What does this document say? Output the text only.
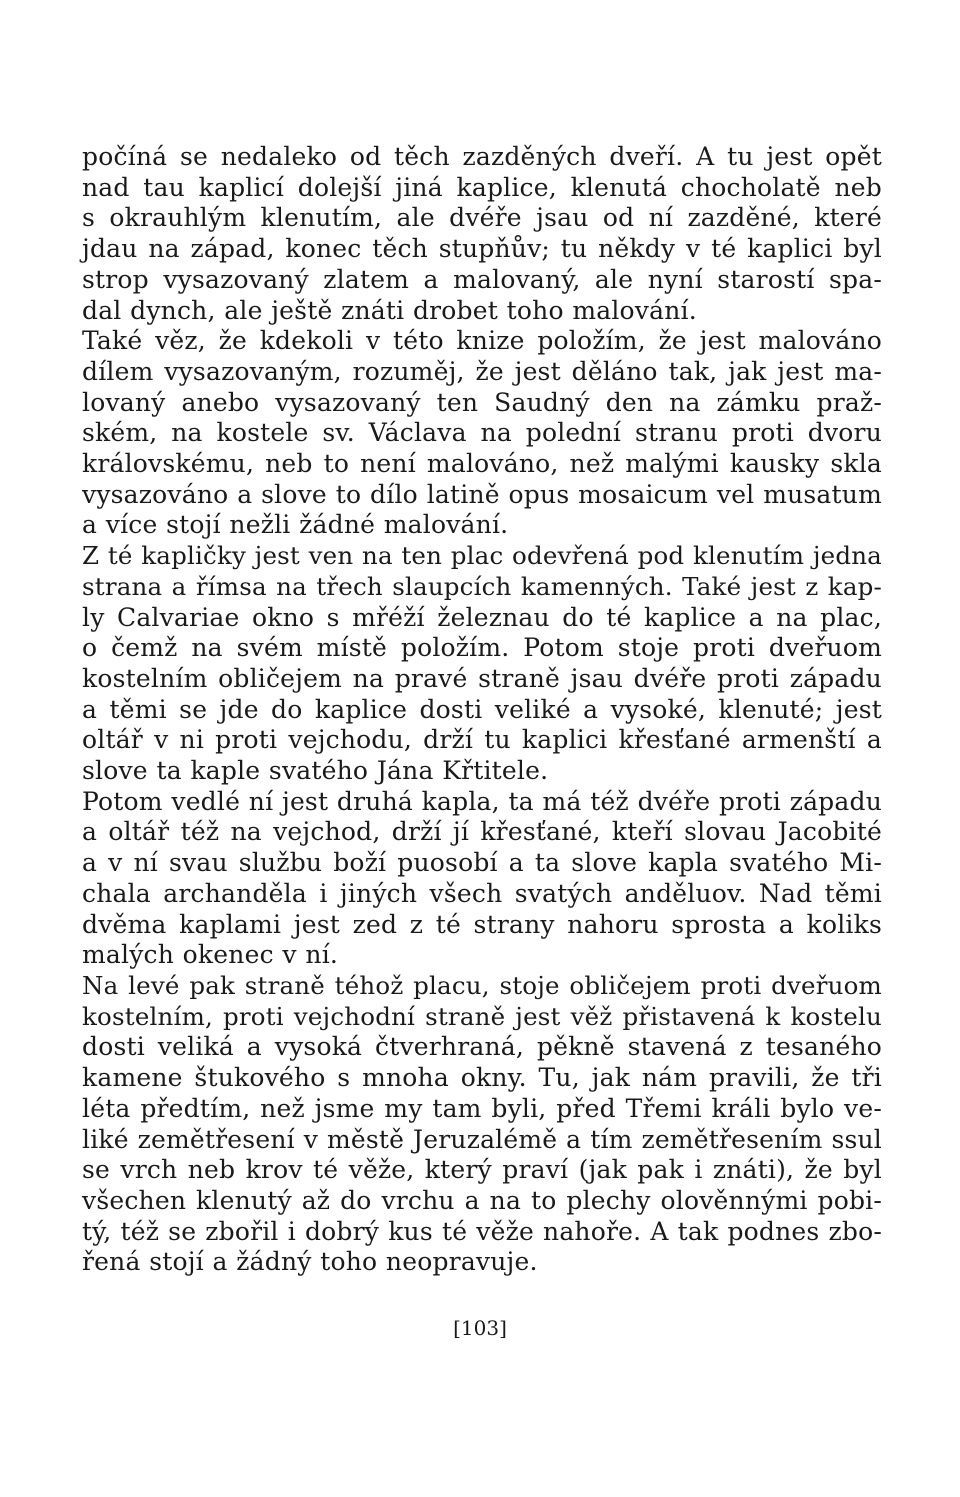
počíná se nedaleko od těch zazděných dveří. A tu jest opět
nad tau kaplicí dolejší jiná kaplice, klenutá chocholatě neb
s okrauhlým klenutím, ale dvéře jsau od ní zazděné, které
jdau na západ, konec těch stupňův; tu někdy v té kaplici byl
strop vysazovaný zlatem a malovaný, ale nyní starostí spa-
dal dynch, ale ještě znáti drobet toho malování.
Také věz, že kdekoli v této knize položím, že jest malováno
dílem vysazovaným, rozuměj, že jest děláno tak, jak jest ma-
lovaný anebo vysazovaný ten Saudný den na zámku praž-
ském, na kostele sv. Václava na polední stranu proti dvoru
královskému, neb to není malováno, než malými kausky skla
vysazováno a slove to dílo latině opus mosaicum vel musatum
a více stojí nežli žádné malování.
Z té kapličky jest ven na ten plac odevřená pod klenutím jedna
strana a římsa na třech slaupcích kamenných. Také jest z kap-
ly Calvariae okno s mřéží železnau do té kaplice a na plac,
o čemž na svém místě položím. Potom stoje proti dveřuom
kostelním obličejem na pravé straně jsau dvéře proti západu
a těmi se jde do kaplice dosti veliké a vysoké, klenuté; jest
oltář v ni proti vejchodu, drží tu kaplici křesťané armenští a
slove ta kaple svatého Jána Křtitele.
Potom vedlé ní jest druhá kapla, ta má též dvéře proti západu
a oltář též na vejchod, drží jí křesťané, kteří slovau Jacobité
a v ní svau službu boží puosobí a ta slove kapla svatého Mi-
chala archanděla i jiných všech svatých anděluov. Nad těmi
dvěma kaplami jest zed z té strany nahoru sprosta a koliks
malých okenec v ní.
Na levé pak straně téhož placu, stoje obličejem proti dveřuom
kostelním, proti vejchodní straně jest věž přistavená k kostelu
dosti veliká a vysoká čtverhraná, pěkně stavená z tesaného
kamene štukového s mnoha okny. Tu, jak nám pravili, že tři
léta předtím, než jsme my tam byli, před Třemi králi bylo ve-
liké zemětřesení v městě Jeruzalémě a tím zemětřesením ssul
se vrch neb krov té věže, který praví (jak pak i znáti), že byl
všechen klenutý až do vrchu a na to plechy olověnnými pobi-
tý, též se zbořil i dobrý kus té věže nahoře. A tak podnes zbo-
řená stojí a žádný toho neopravuje.
[103]
